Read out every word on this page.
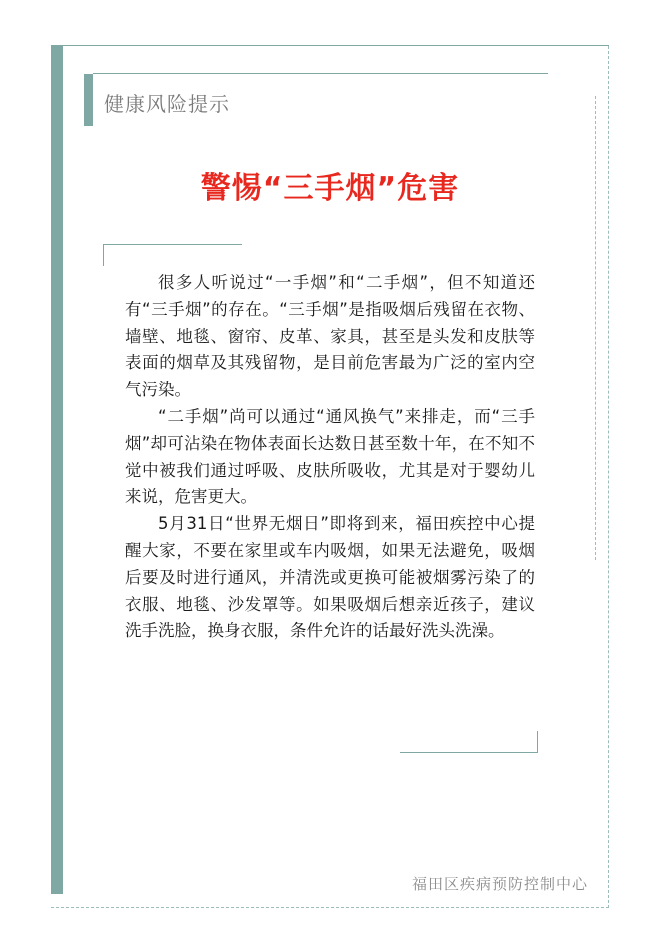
健康风险提示
警惕“三手烟”危害

很多人听说过“一手烟”和“二手烟”，但不知道还有“三手烟”的存在。“三手烟”是指吸烟后残留在衣物、墙壁、地毯、窗帘、皮革、家具，甚至是头发和皮肤等表面的烟草及其残留物，是目前危害最为广泛的室内空气污染。

“二手烟”尚可以通过“通风换气”来排走，而“三手烟”却可沾染在物体表面长达数日甚至数十年，在不知不觉中被我们通过呼吸、皮肤所吸收，尤其是对于婴幼儿来说，危害更大。

5月31日“世界无烟日”即将到来，福田疾控中心提醒大家，不要在家里或车内吸烟，如果无法避免，吸烟后要及时进行通风，并清洗或更换可能被烟雾污染了的衣服、地毯、沙发罩等。如果吸烟后想亲近孩子，建议洗手洗脸，换身衣服，条件允许的话最好洗头洗澡。

福田区疾病预防控制中心
